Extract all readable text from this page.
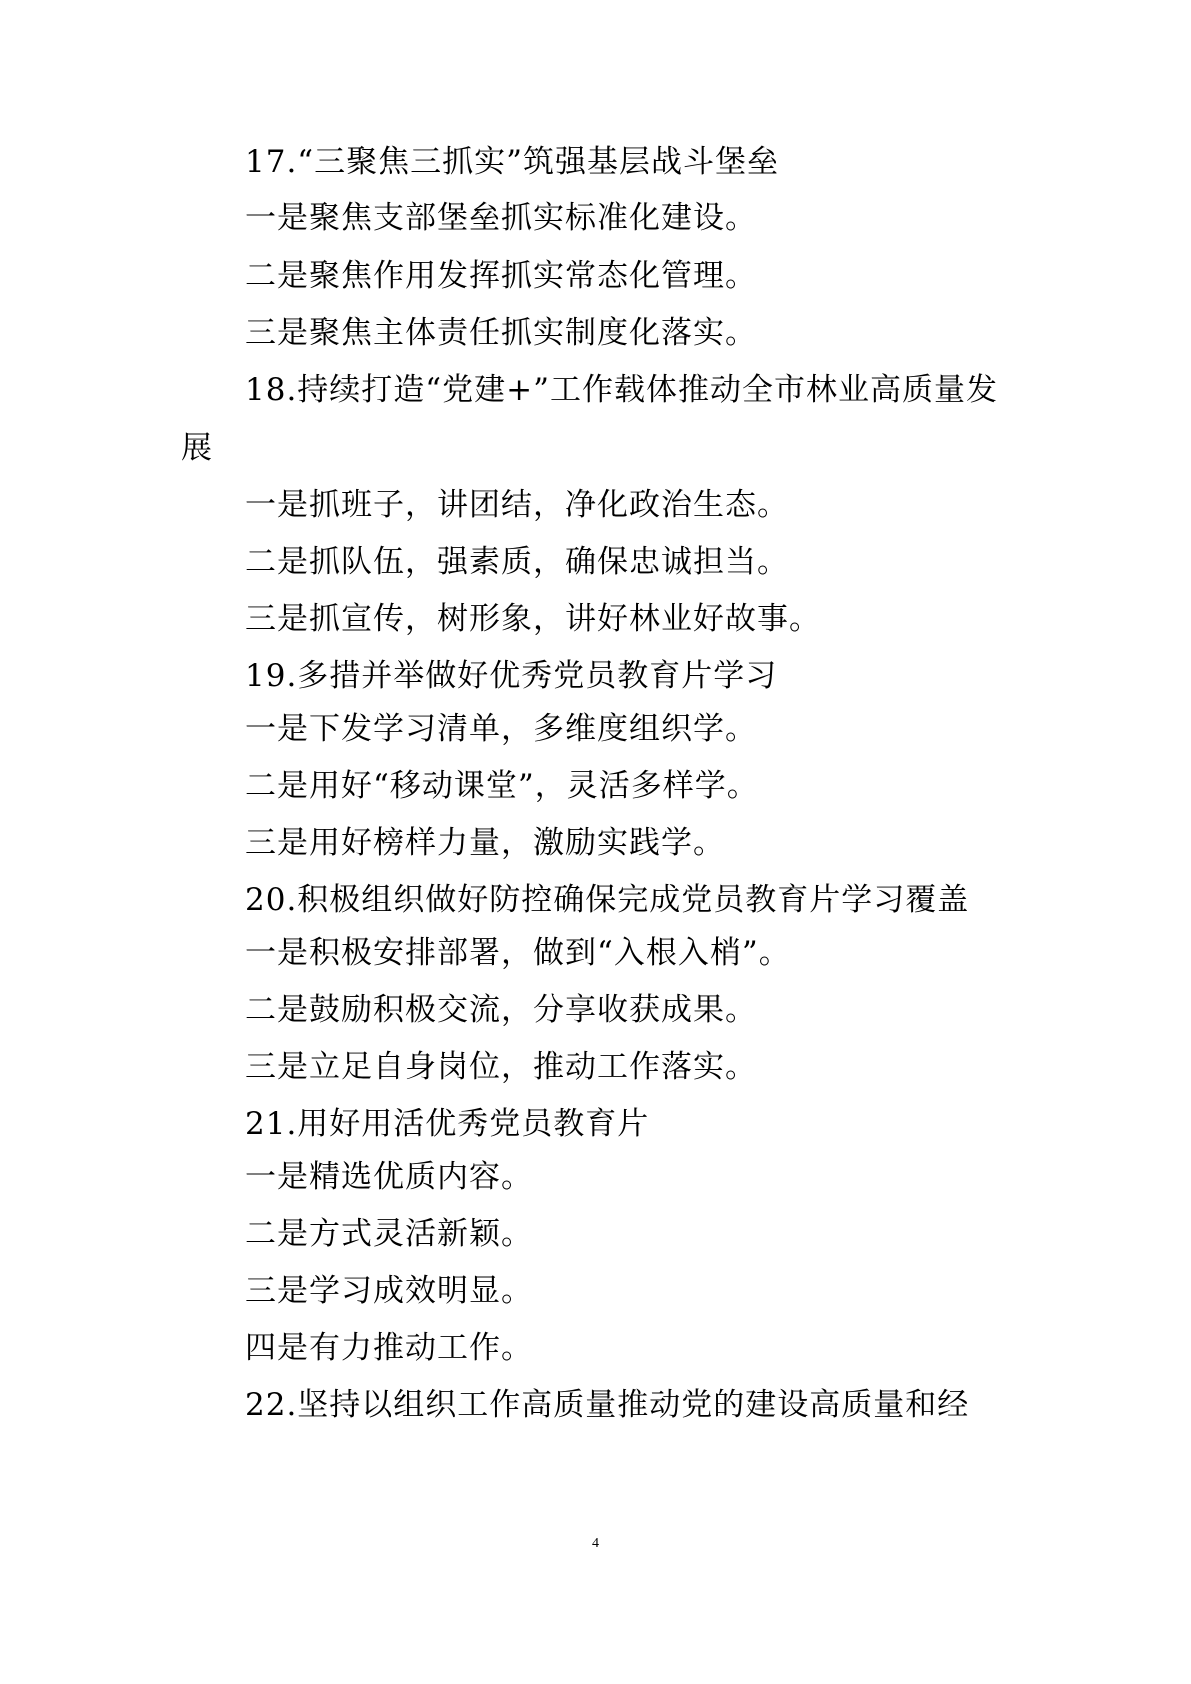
17.“三聚焦三抓实”筑强基层战斗堡垒
一是聚焦支部堡垒抓实标准化建设。
二是聚焦作用发挥抓实常态化管理。
三是聚焦主体责任抓实制度化落实。
18.持续打造“党建+”工作载体推动全市林业高质量发
展
一是抓班子，讲团结，净化政治生态。
二是抓队伍，强素质，确保忠诚担当。
三是抓宣传，树形象，讲好林业好故事。
19.多措并举做好优秀党员教育片学习
一是下发学习清单，多维度组织学。
二是用好“移动课堂”，灵活多样学。
三是用好榜样力量，激励实践学。
20.积极组织做好防控确保完成党员教育片学习覆盖
一是积极安排部署，做到“入根入梢”。
二是鼓励积极交流，分享收获成果。
三是立足自身岗位，推动工作落实。
21.用好用活优秀党员教育片
一是精选优质内容。
二是方式灵活新颖。
三是学习成效明显。
四是有力推动工作。
22.坚持以组织工作高质量推动党的建设高质量和经
4
